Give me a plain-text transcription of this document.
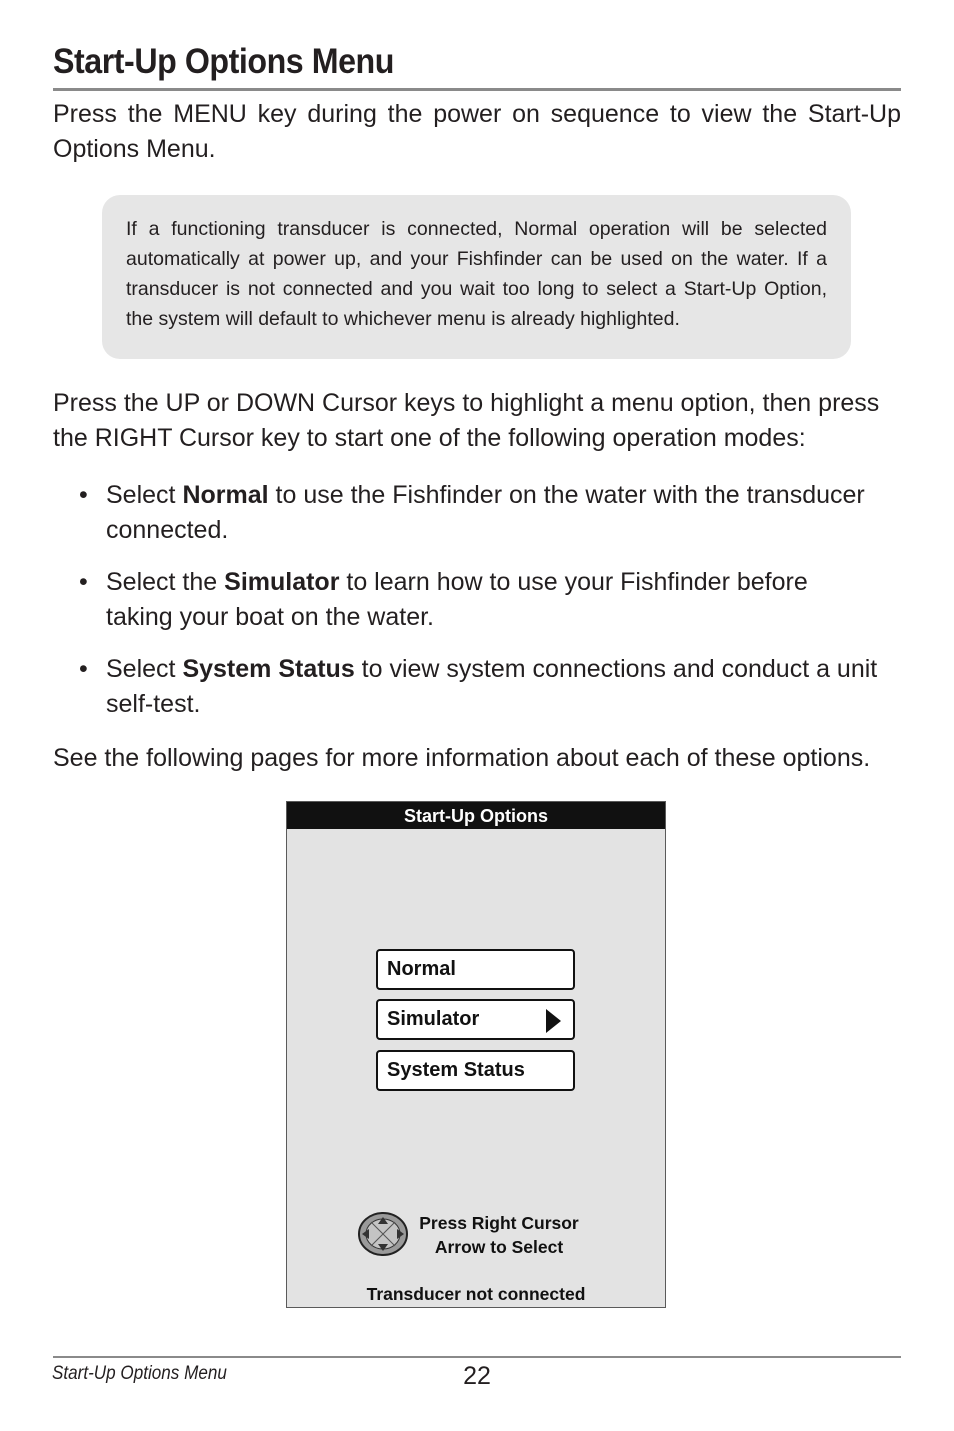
Start-Up Options Menu
Press the MENU key during the power on sequence to view the Start-Up Options Menu.
If a functioning transducer is connected, Normal operation will be selected automatically at power up, and your Fishfinder can be used on the water. If a transducer is not connected and you wait too long to select a Start-Up Option, the system will default to whichever menu is already highlighted.
Press the UP or DOWN Cursor keys to highlight a menu option, then press the RIGHT Cursor key to start one of the following operation modes:
• Select Normal to use the Fishfinder on the water with the transducer connected.
• Select the Simulator to learn how to use your Fishfinder before taking your boat on the water.
• Select System Status to view system connections and conduct a unit self-test.
See the following pages for more information about each of these options.
Start-Up Options
Normal
Simulator
System Status
Press Right Cursor
Arrow to Select
Transducer not connected
Start-Up Options Menu	22
